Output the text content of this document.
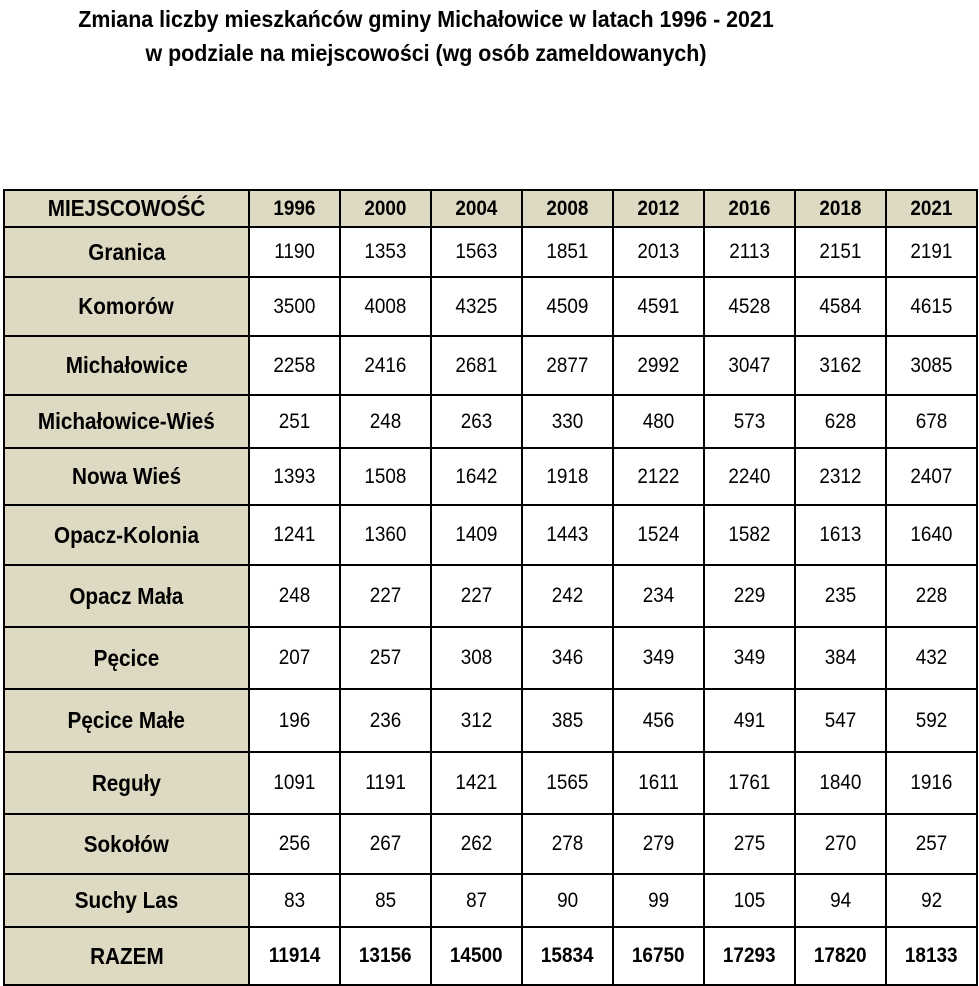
Zmiana liczby mieszkańców gminy Michałowice w latach 1996 - 2021
w podziale na miejscowości (wg osób zameldowanych)
MIEJSCOWOŚĆ	1996	2000	2004	2008	2012	2016	2018	2021
Granica	1190	1353	1563	1851	2013	2113	2151	2191
Komorów	3500	4008	4325	4509	4591	4528	4584	4615
Michałowice	2258	2416	2681	2877	2992	3047	3162	3085
Michałowice-Wieś	251	248	263	330	480	573	628	678
Nowa Wieś	1393	1508	1642	1918	2122	2240	2312	2407
Opacz-Kolonia	1241	1360	1409	1443	1524	1582	1613	1640
Opacz Mała	248	227	227	242	234	229	235	228
Pęcice	207	257	308	346	349	349	384	432
Pęcice Małe	196	236	312	385	456	491	547	592
Reguły	1091	1191	1421	1565	1611	1761	1840	1916
Sokołów	256	267	262	278	279	275	270	257
Suchy Las	83	85	87	90	99	105	94	92
RAZEM	11914	13156	14500	15834	16750	17293	17820	18133
